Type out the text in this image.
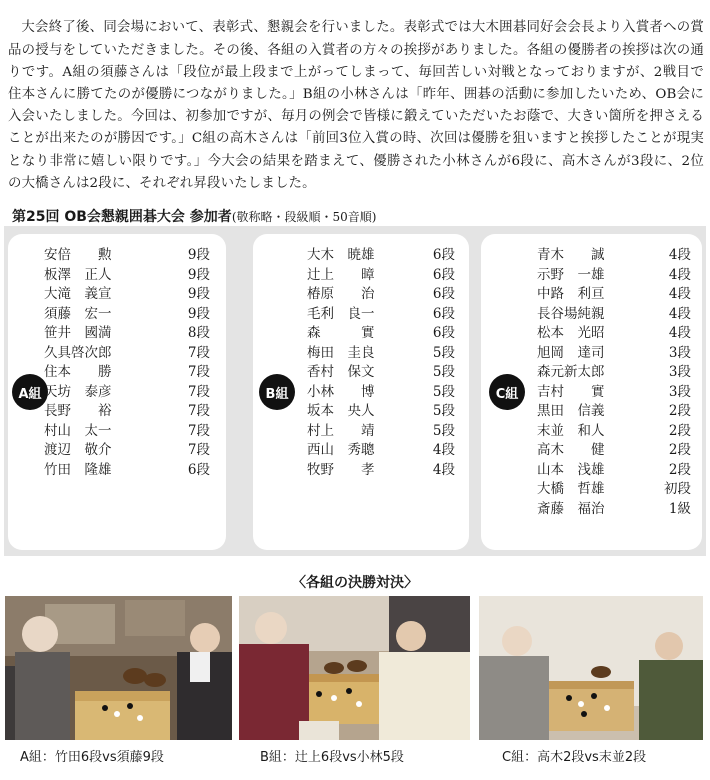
大会終了後、同会場において、表彰式、懇親会を行いました。表彰式では大木囲碁同好会会長より入賞者への賞品の授与をしていただきました。その後、各組の入賞者の方々の挨拶がありました。各組の優勝者の挨拶は次の通りです。A組の須藤さんは「段位が最上段まで上がってしまって、毎回苦しい対戦となっておりますが、2戦目で住本さんに勝てたのが優勝につながりました。」B組の小林さんは「昨年、囲碁の活動に参加したいため、OB会に入会いたしました。今回は、初参加ですが、毎月の例会で皆様に鍛えていただいたお蔭で、大きい箇所を押さえることが出来たのが勝因です。」C組の高木さんは「前回3位入賞の時、次回は優勝を狙いますと挨拶したことが現実となり非常に嬉しい限りです。」今大会の結果を踏まえて、優勝された小林さんが6段に、高木さんが3段に、2位の大橋さんは2段に、それぞれ昇段いたしました。

第25回 OB会懇親囲碁大会 参加者(敬称略・段級順・50音順)
A組
安倍　　勲	9段
板澤　正人	9段
大滝　義宣	9段
須藤　宏一	9段
笹井　國満	8段
久具啓次郎	7段
住本　　勝	7段
天坊　泰彦	7段
長野　　裕	7段
村山　太一	7段
渡辺　敬介	7段
竹田　隆雄	6段
B組
大木　暁雄	6段
辻上　　暲	6段
椿原　　治	6段
毛利　良一	6段
森　　　實	6段
梅田　圭良	5段
香村　保文	5段
小林　　博	5段
坂本　央人	5段
村上　　靖	5段
西山　秀聰	4段
牧野　　孝	4段
C組
青木　　誠	4段
示野　一雄	4段
中路　利亘	4段
長谷場純親	4段
松本　光昭	4段
旭岡　達司	3段
森元新太郎	3段
吉村　　實	3段
黒田　信義	2段
末並　和人	2段
高木　　健	2段
山本　浅雄	2段
大橋　哲雄	初段
斎藤　福治	1級
〈各組の決勝対決〉
A組：竹田6段vs須藤9段	B組：辻上6段vs小林5段	C組：高木2段vs末並2段
